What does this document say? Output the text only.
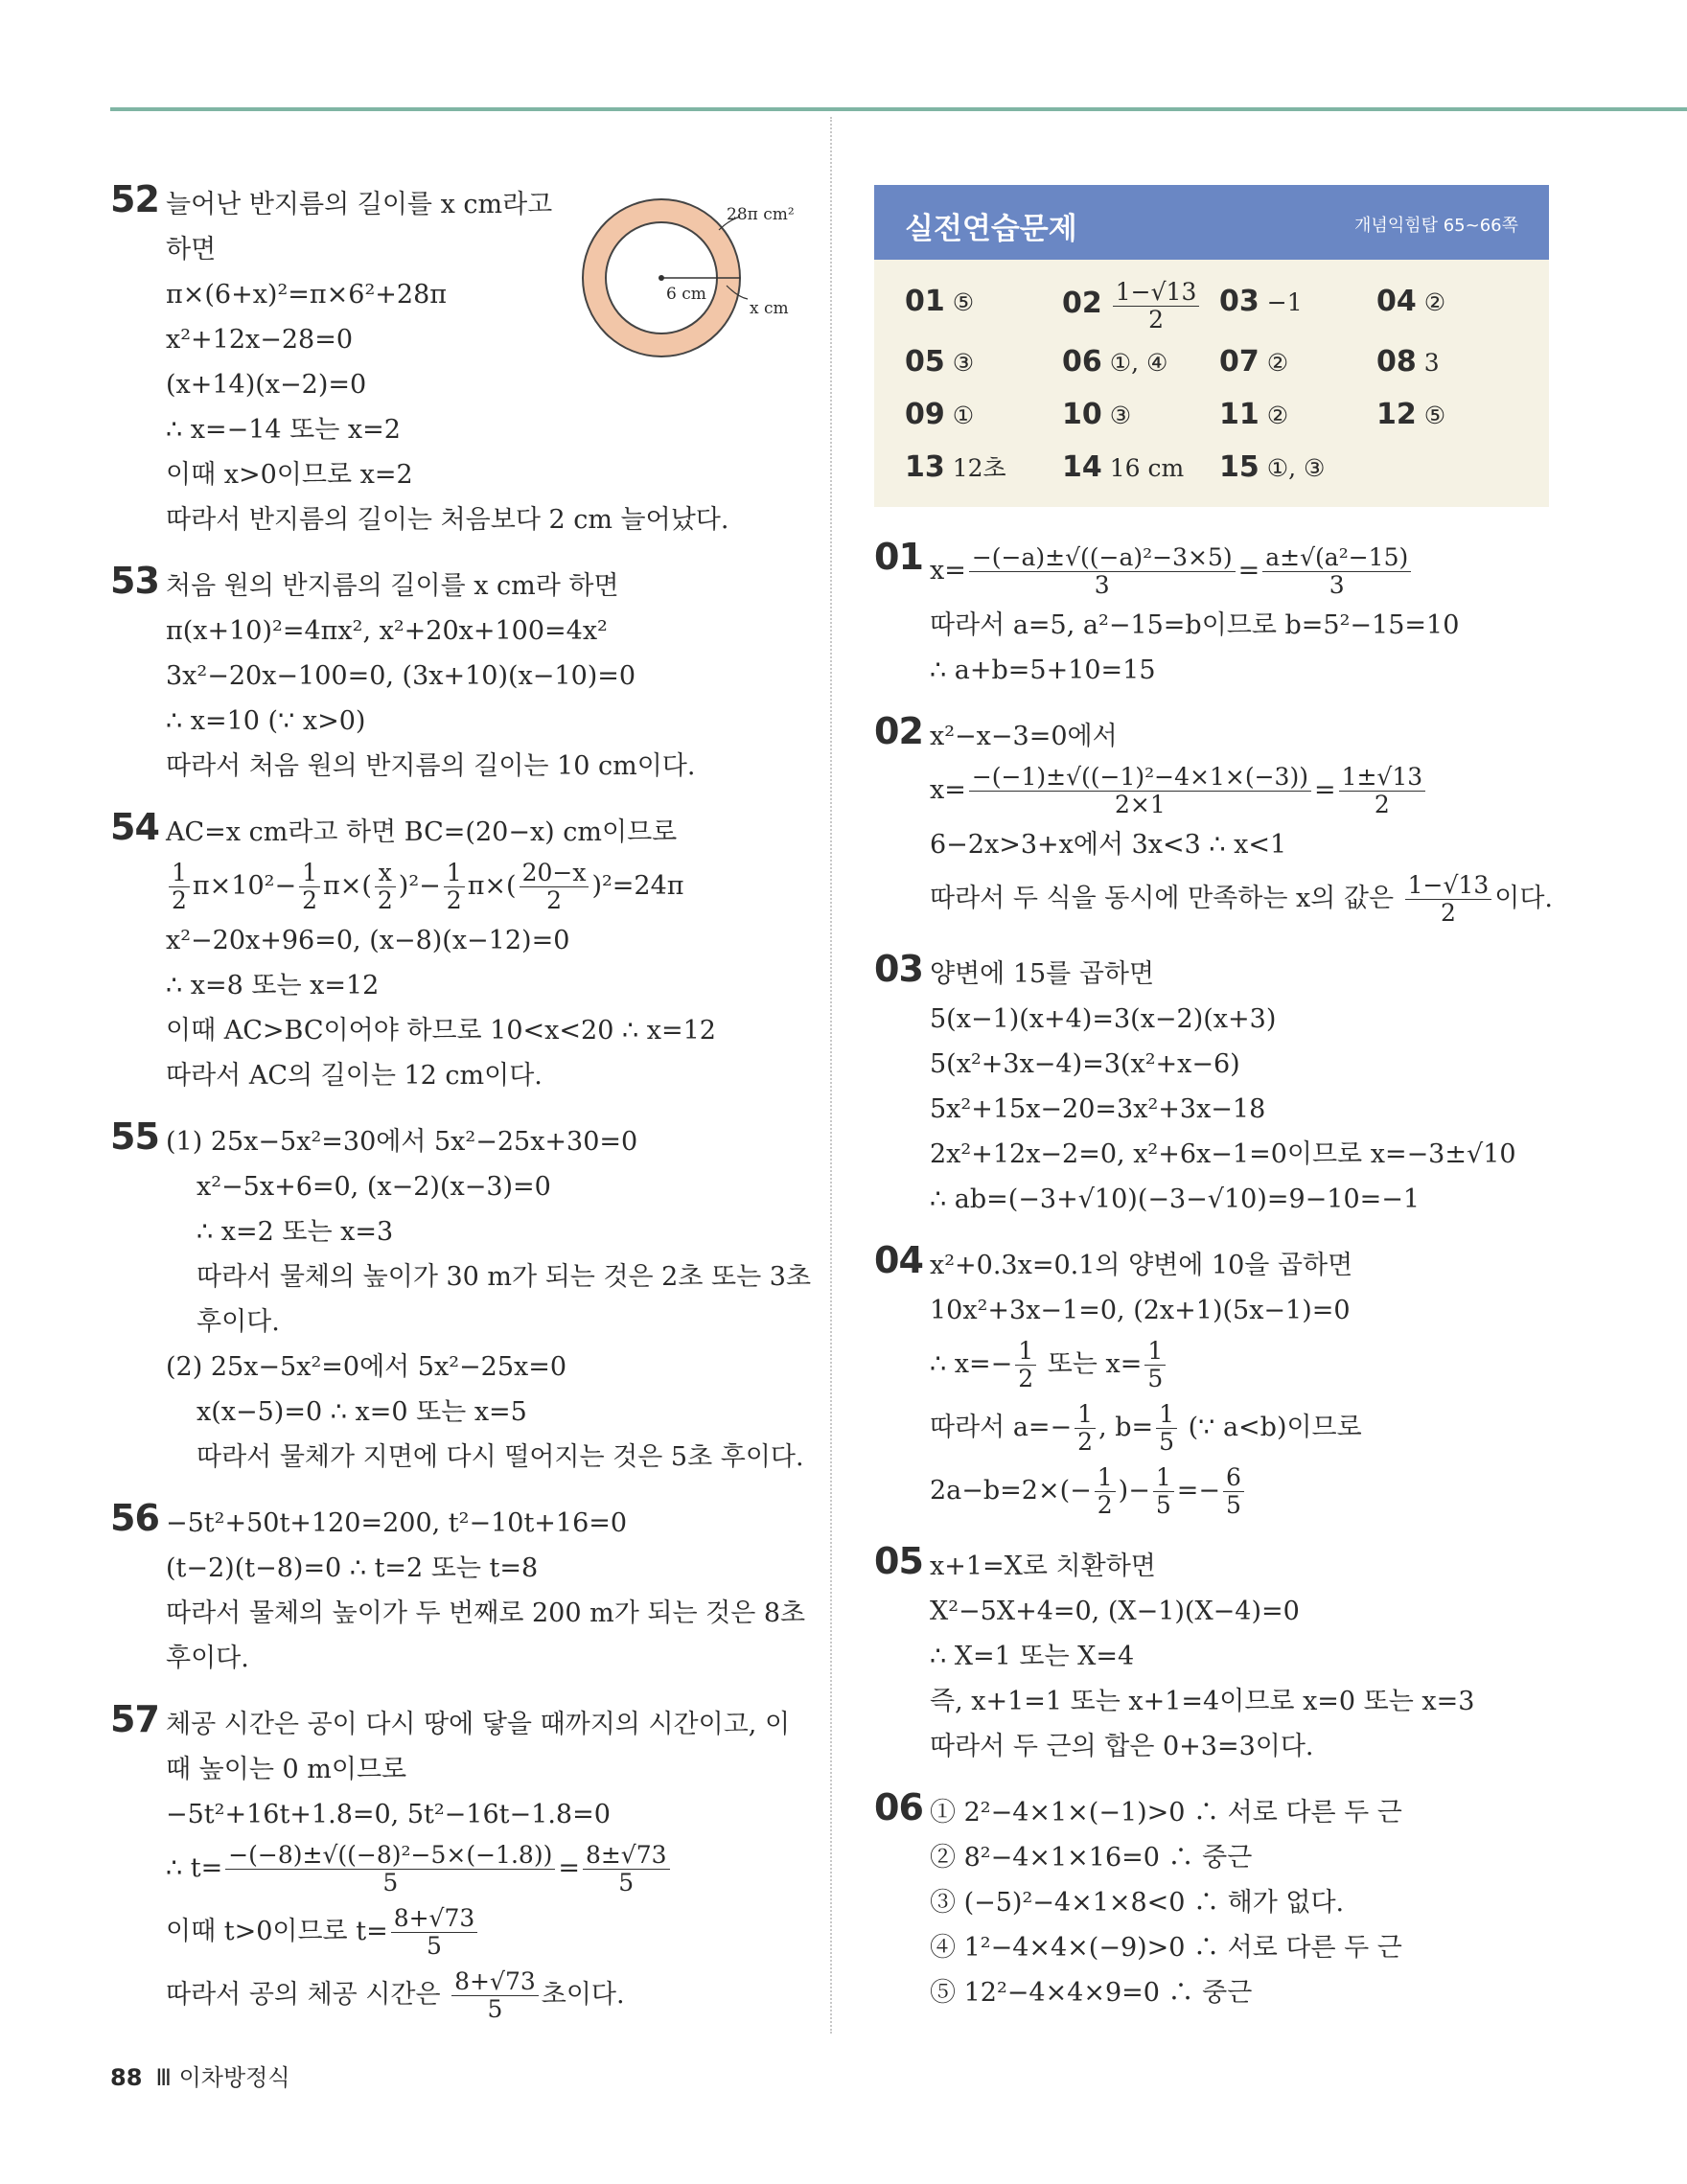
52 늘어난 반지름의 길이를 x cm라고
하면
π×(6+x)²=π×6²+28π
x²+12x−28=0
(x+14)(x−2)=0
∴ x=−14 또는 x=2
이때 x>0이므로 x=2
따라서 반지름의 길이는 처음보다 2 cm 늘어났다.
28π cm²
6 cm
x cm
53 처음 원의 반지름의 길이를 x cm라 하면
π(x+10)²=4πx², x²+20x+100=4x²
3x²−20x−100=0, (3x+10)(x−10)=0
∴ x=10 (∵ x>0)
따라서 처음 원의 반지름의 길이는 10 cm이다.
54 AC=x cm라고 하면 BC=(20−x) cm이므로
$\frac{1}{2} \pi\times 10^2- \frac{1}{2} \pi\times( \frac{x}{2} )^2- \frac{1}{2} \pi\times( \frac{20-x}{2} )^2=24\pi$
x²−20x+96=0, (x−8)(x−12)=0
∴ x=8 또는 x=12
이때 AC>BC이어야 하므로 10<x<20 ∴ x=12
따라서 AC의 길이는 12 cm이다.
55 (1) 25x−5x²=30에서 5x²−25x+30=0
x²−5x+6=0, (x−2)(x−3)=0
∴ x=2 또는 x=3
따라서 물체의 높이가 30 m가 되는 것은 2초 또는 3초
후이다.
(2) 25x−5x²=0에서 5x²−25x=0
x(x−5)=0 ∴ x=0 또는 x=5
따라서 물체가 지면에 다시 떨어지는 것은 5초 후이다.
56 −5t²+50t+120=200, t²−10t+16=0
(t−2)(t−8)=0 ∴ t=2 또는 t=8
따라서 물체의 높이가 두 번째로 200 m가 되는 것은 8초
후이다.
57 체공 시간은 공이 다시 땅에 닿을 때까지의 시간이고, 이
때 높이는 0 m이므로
−5t²+16t+1.8=0, 5t²−16t−1.8=0
∴ $t= \frac{\text{−(−8)±√((−8)²−5×(−1.8))}}{5} = \frac{8\pm√73}{5}$
이때 t>0이므로 $t= \frac{8+√73}{5}$
따라서 공의 체공 시간은 $\frac{8+√73}{5}$ 초이다.
실전연습문제	개념익힘탑 65~66쪽
01 ⑤	$02 \frac{1-√13}{2} 03 -1$	04 ②
05 ③	06 ①, ④	07 ②	08 3
09 ①	10 ③	11 ②	12 ⑤
13 12초	14 16 cm	15 ①, ③
01 $x= \frac{\text{−(−a)±√((−a)²−3×5)}}{3} = \frac{\text{a±√(a²−15)}}{3}$
따라서 a=5, a²−15=b이므로 b=5²−15=10
∴ a+b=5+10=15
02 x²−x−3=0에서
$x= \frac{\text{−(−1)±√((−1)²−4×1×(−3))}}{2\times 1} = \frac{1\pm√13}{2}$
6−2x>3+x에서 3x<3 ∴ x<1
따라서 두 식을 동시에 만족하는 x의 값은 $\frac{1-√13}{2}$ 이다.
03 양변에 15를 곱하면
5(x−1)(x+4)=3(x−2)(x+3)
5(x²+3x−4)=3(x²+x−6)
5x²+15x−20=3x²+3x−18
2x²+12x−2=0, x²+6x−1=0이므로 x=−3±√10
∴ ab=(−3+√10)(−3−√10)=9−10=−1
04 x²+0.3x=0.1의 양변에 10을 곱하면
10x²+3x−1=0, (2x+1)(5x−1)=0
∴ $x=- \frac{1}{2}$ 또는 $x= \frac{1}{5}$
따라서 $a=- \frac{1}{2}$ , $b= \frac{1}{5}$ (∵ a<b)이므로
$2a-b=2\times(- \frac{1}{2}$ )− $\frac{1}{5} =- \frac{6}{5}$
05 x+1=X로 치환하면
X²−5X+4=0, (X−1)(X−4)=0
∴ X=1 또는 X=4
즉, x+1=1 또는 x+1=4이므로 x=0 또는 x=3
따라서 두 근의 합은 0+3=3이다.
06 ① 2²−4×1×(−1)>0 ∴ 서로 다른 두 근
② 8²−4×1×16=0 ∴ 중근
③ (−5)²−4×1×8<0 ∴ 해가 없다.
④ 1²−4×4×(−9)>0 ∴ 서로 다른 두 근
⑤ 12²−4×4×9=0 ∴ 중근
88 Ⅲ 이차방정식
